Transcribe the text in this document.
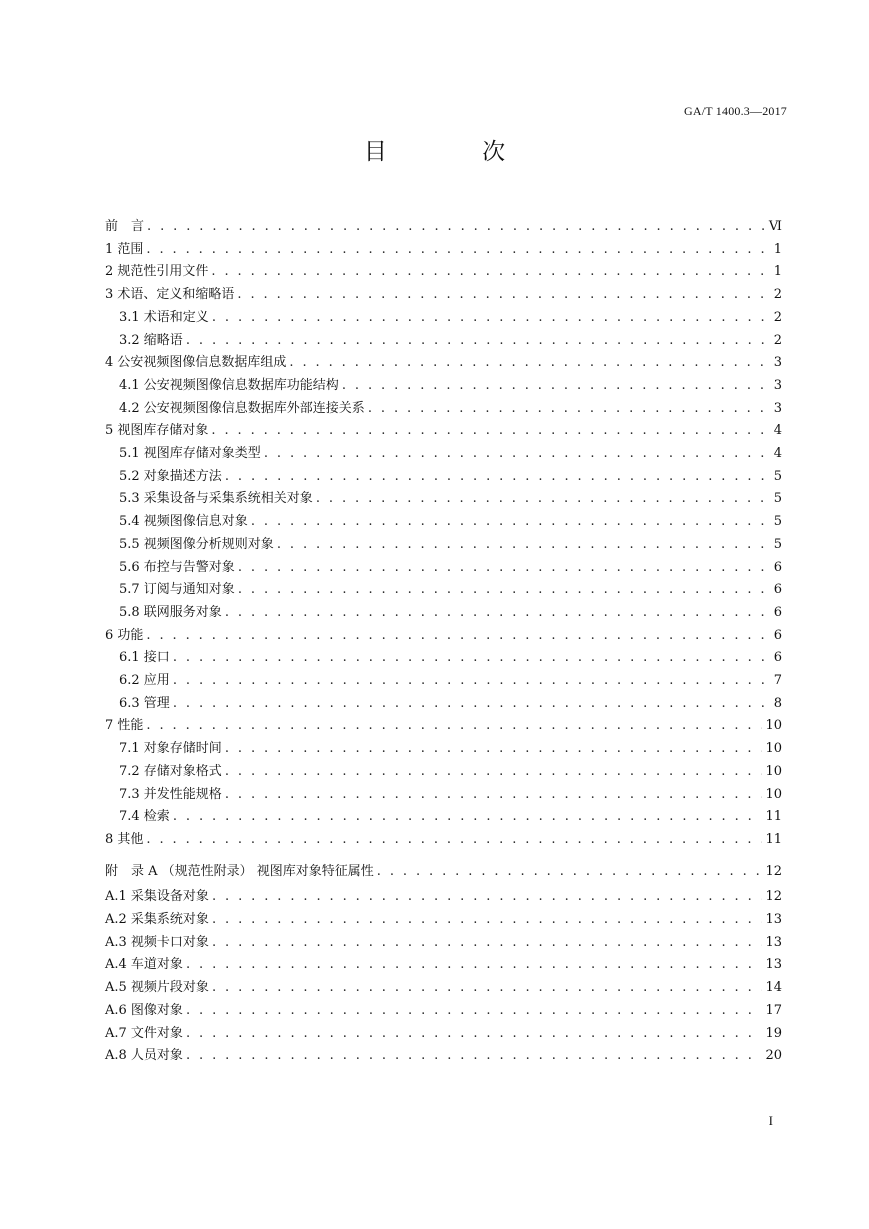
GA/T 1400.3—2017
目 次
前　言 . . .	Ⅵ
1 范围 . . .	1
2 规范性引用文件 . . .	1
3 术语、定义和缩略语 . . .	2
3.1 术语和定义 . . .	2
3.2 缩略语 . . .	2
4 公安视频图像信息数据库组成 . . .	3
4.1 公安视频图像信息数据库功能结构 . . .	3
4.2 公安视频图像信息数据库外部连接关系 . . .	3
5 视图库存储对象 . . .	4
5.1 视图库存储对象类型 . . .	4
5.2 对象描述方法 . . .	5
5.3 采集设备与采集系统相关对象 . . .	5
5.4 视频图像信息对象 . . .	5
5.5 视频图像分析规则对象 . . .	5
5.6 布控与告警对象 . . .	6
5.7 订阅与通知对象 . . .	6
5.8 联网服务对象 . . .	6
6 功能 . . .	6
6.1 接口 . . .	6
6.2 应用 . . .	7
6.3 管理 . . .	8
7 性能 . . .	10
7.1 对象存储时间 . . .	10
7.2 存储对象格式 . . .	10
7.3 并发性能规格 . . .	10
7.4 检索 . . .	11
8 其他 . . .	11
附　录 A （规范性附录） 视图库对象特征属性 . . .	12
A.1 采集设备对象 . . .	12
A.2 采集系统对象 . . .	13
A.3 视频卡口对象 . . .	13
A.4 车道对象 . . .	13
A.5 视频片段对象 . . .	14
A.6 图像对象 . . .	17
A.7 文件对象 . . .	19
A.8 人员对象 . . .	20
I
